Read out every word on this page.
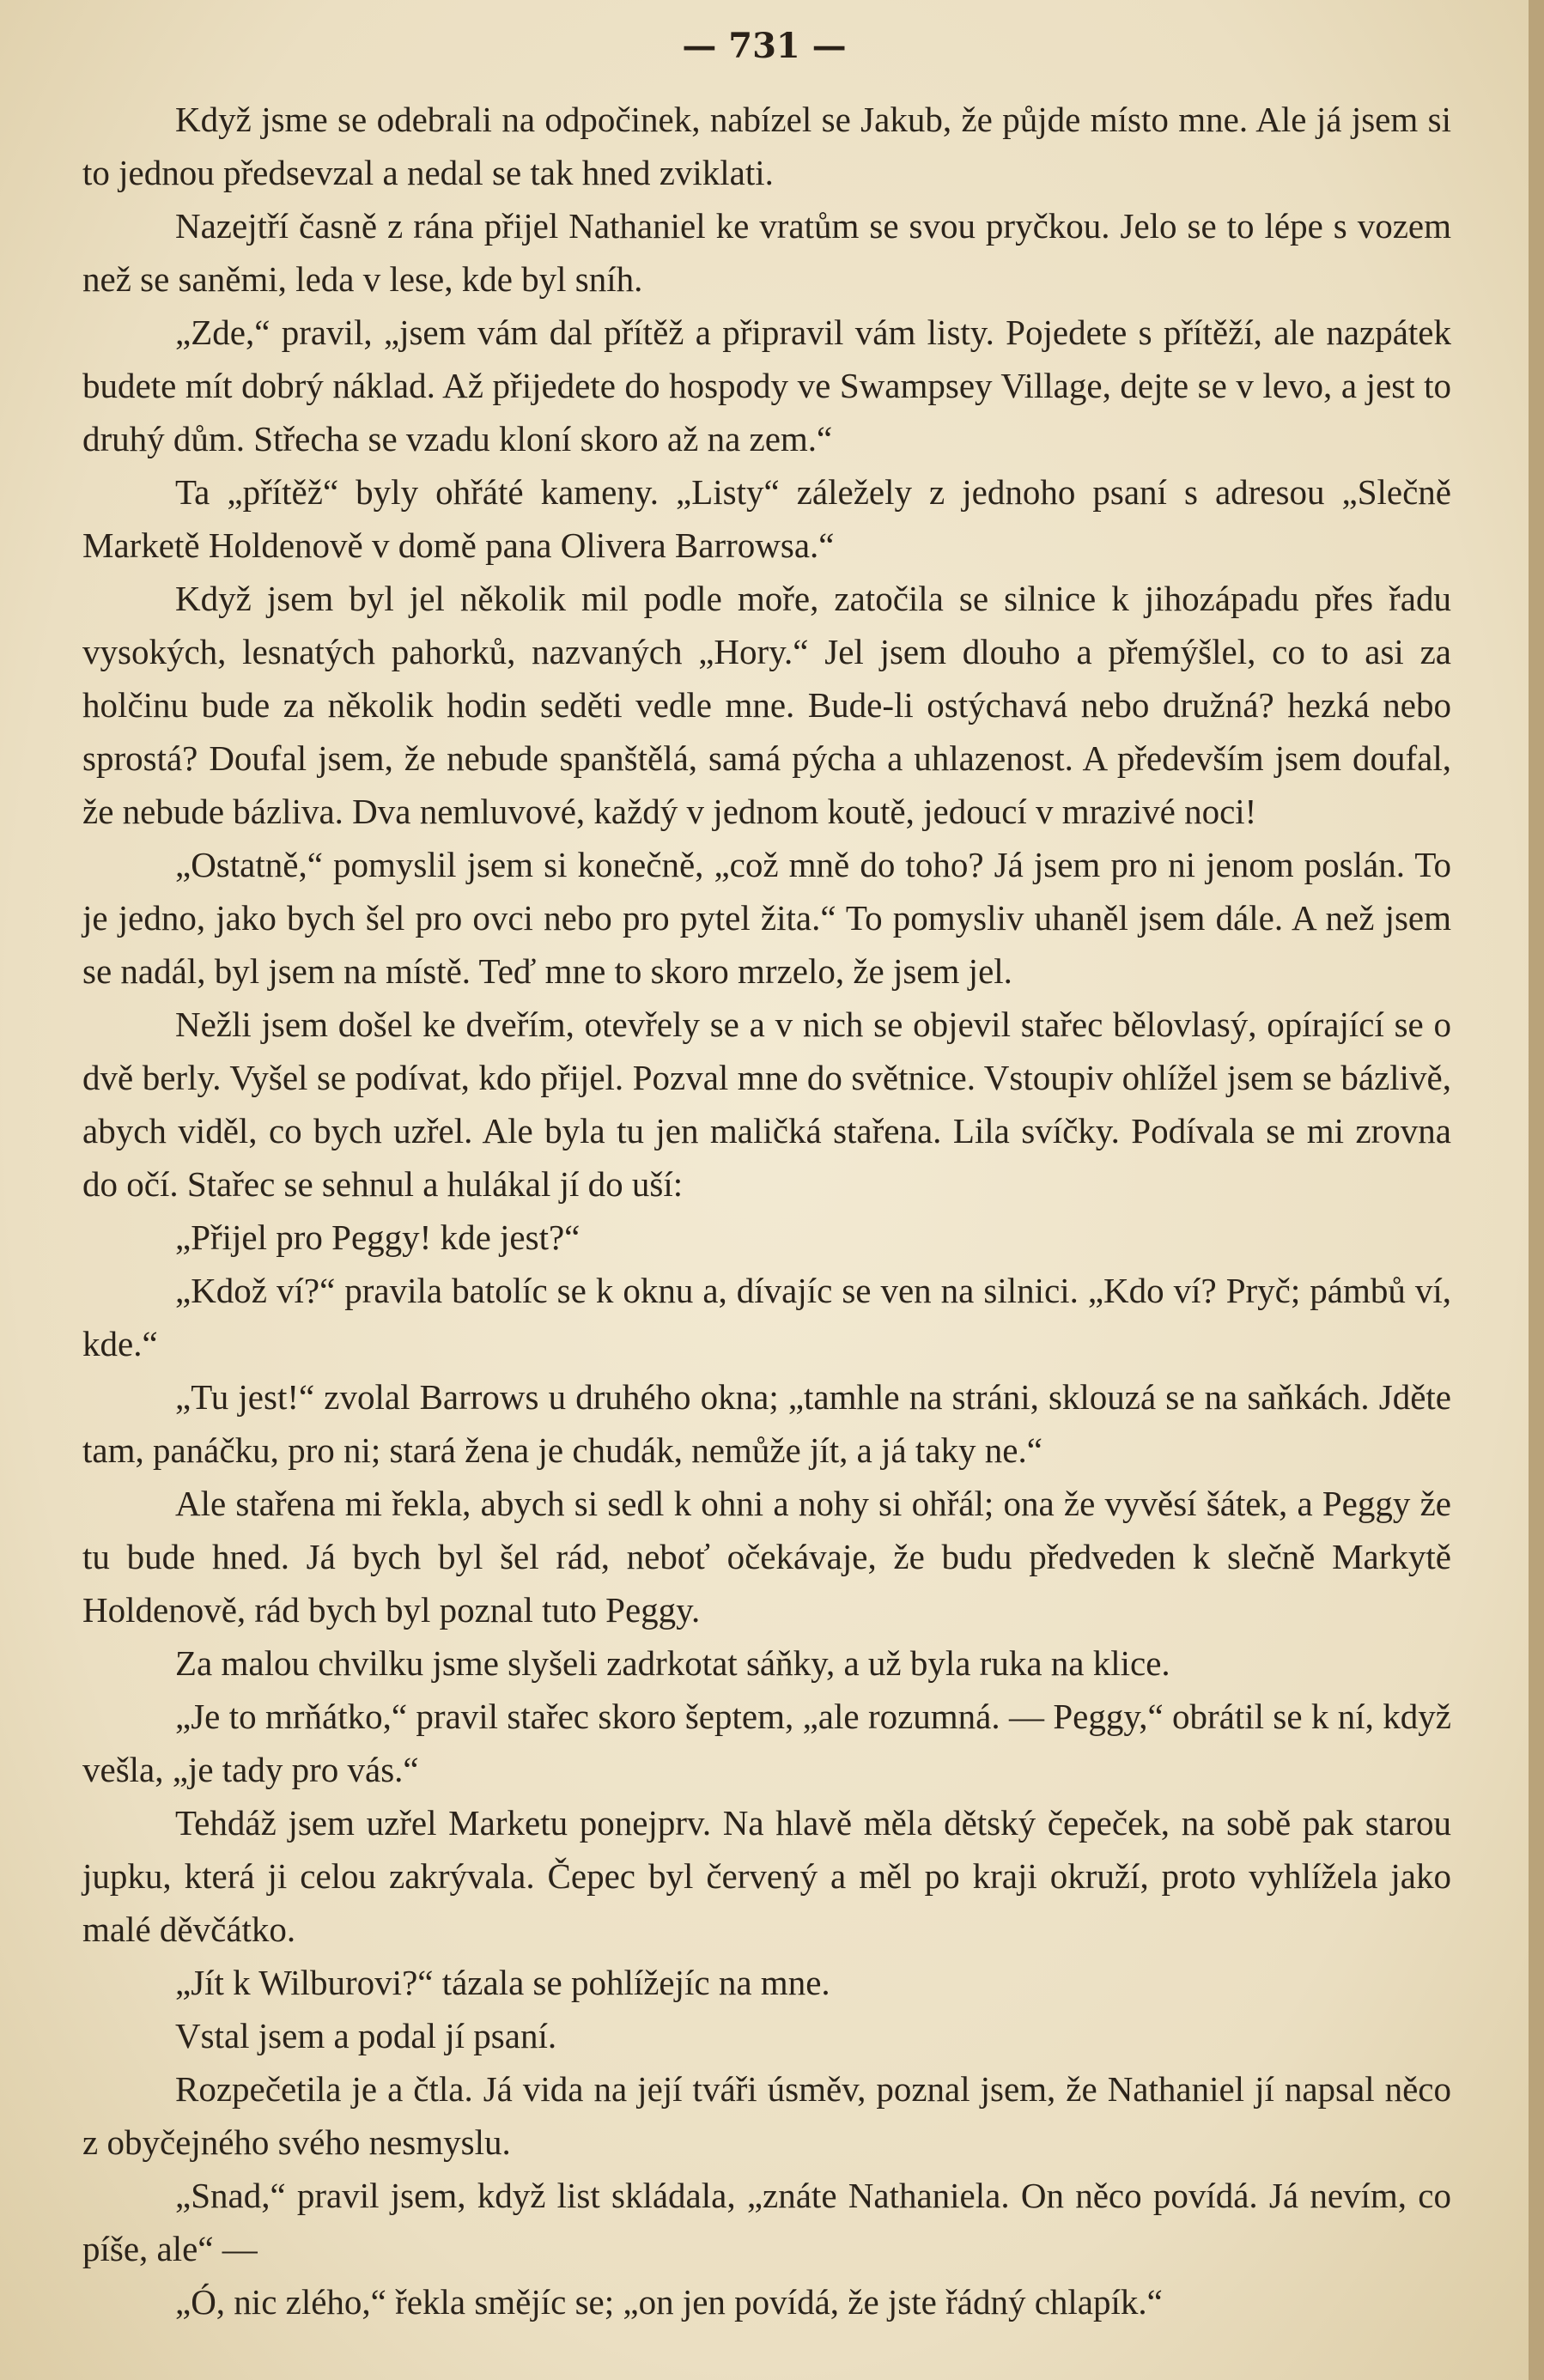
— 731 —

Když jsme se odebrali na odpočinek, nabízel se Jakub, že půjde místo mne. Ale já jsem si to jednou předsevzal a nedal se tak hned zviklati.

Nazejtří časně z rána přijel Nathaniel ke vratům se svou pryčkou. Jelo se to lépe s vozem než se saněmi, leda v lese, kde byl sníh.

„Zde,“ pravil, „jsem vám dal přítěž a připravil vám listy. Pojedete s přítěží, ale nazpátek budete mít dobrý náklad. Až přijedete do hospody ve Swampsey Village, dejte se v levo, a jest to druhý dům. Střecha se vzadu kloní skoro až na zem.“

Ta „přítěž“ byly ohřáté kameny. „Listy“ záležely z jednoho psaní s adresou „Slečně Marketě Holdenově v domě pana Olivera Barrowsa.“

Když jsem byl jel několik mil podle moře, zatočila se silnice k jihozápadu přes řadu vysokých, lesnatých pahorků, nazvaných „Hory.“ Jel jsem dlouho a přemýšlel, co to asi za holčinu bude za několik hodin seděti vedle mne. Bude-li ostýchavá nebo družná? hezká nebo sprostá? Doufal jsem, že nebude spanštělá, samá pýcha a uhlazenost. A především jsem doufal, že nebude bázliva. Dva nemluvové, každý v jednom koutě, jedoucí v mrazivé noci!

„Ostatně,“ pomyslil jsem si konečně, „což mně do toho? Já jsem pro ni jenom poslán. To je jedno, jako bych šel pro ovci nebo pro pytel žita.“ To pomysliv uhaněl jsem dále. A než jsem se nadál, byl jsem na místě. Teď mne to skoro mrzelo, že jsem jel.

Nežli jsem došel ke dveřím, otevřely se a v nich se objevil stařec bělovlasý, opírající se o dvě berly. Vyšel se podívat, kdo přijel. Pozval mne do světnice. Vstoupiv ohlížel jsem se bázlivě, abych viděl, co bych uzřel. Ale byla tu jen maličká stařena. Lila svíčky. Podívala se mi zrovna do očí. Stařec se sehnul a hulákal jí do uší:

„Přijel pro Peggy! kde jest?“

„Kdož ví?“ pravila batolíc se k oknu a, dívajíc se ven na silnici. „Kdo ví? Pryč; pámbů ví, kde.“

„Tu jest!“ zvolal Barrows u druhého okna; „tamhle na stráni, sklouzá se na saňkách. Jděte tam, panáčku, pro ni; stará žena je chudák, nemůže jít, a já taky ne.“

Ale stařena mi řekla, abych si sedl k ohni a nohy si ohřál; ona že vyvěsí šátek, a Peggy že tu bude hned. Já bych byl šel rád, neboť očekávaje, že budu předveden k slečně Markytě Holdenově, rád bych byl poznal tuto Peggy.

Za malou chvilku jsme slyšeli zadrkotat sáňky, a už byla ruka na klice.

„Je to mrňátko,“ pravil stařec skoro šeptem, „ale rozumná. — Peggy,“ obrátil se k ní, když vešla, „je tady pro vás.“

Tehdáž jsem uzřel Marketu ponejprv. Na hlavě měla dětský čepeček, na sobě pak starou jupku, která ji celou zakrývala. Čepec byl červený a měl po kraji okruží, proto vyhlížela jako malé děvčátko.

„Jít k Wilburovi?“ tázala se pohlížejíc na mne.

Vstal jsem a podal jí psaní.

Rozpečetila je a čtla. Já vida na její tváři úsměv, poznal jsem, že Nathaniel jí napsal něco z obyčejného svého nesmyslu.

„Snad,“ pravil jsem, když list skládala, „znáte Nathaniela. On něco povídá. Já nevím, co píše, ale“ —

„Ó, nic zlého,“ řekla smějíc se; „on jen povídá, že jste řádný chlapík.“
